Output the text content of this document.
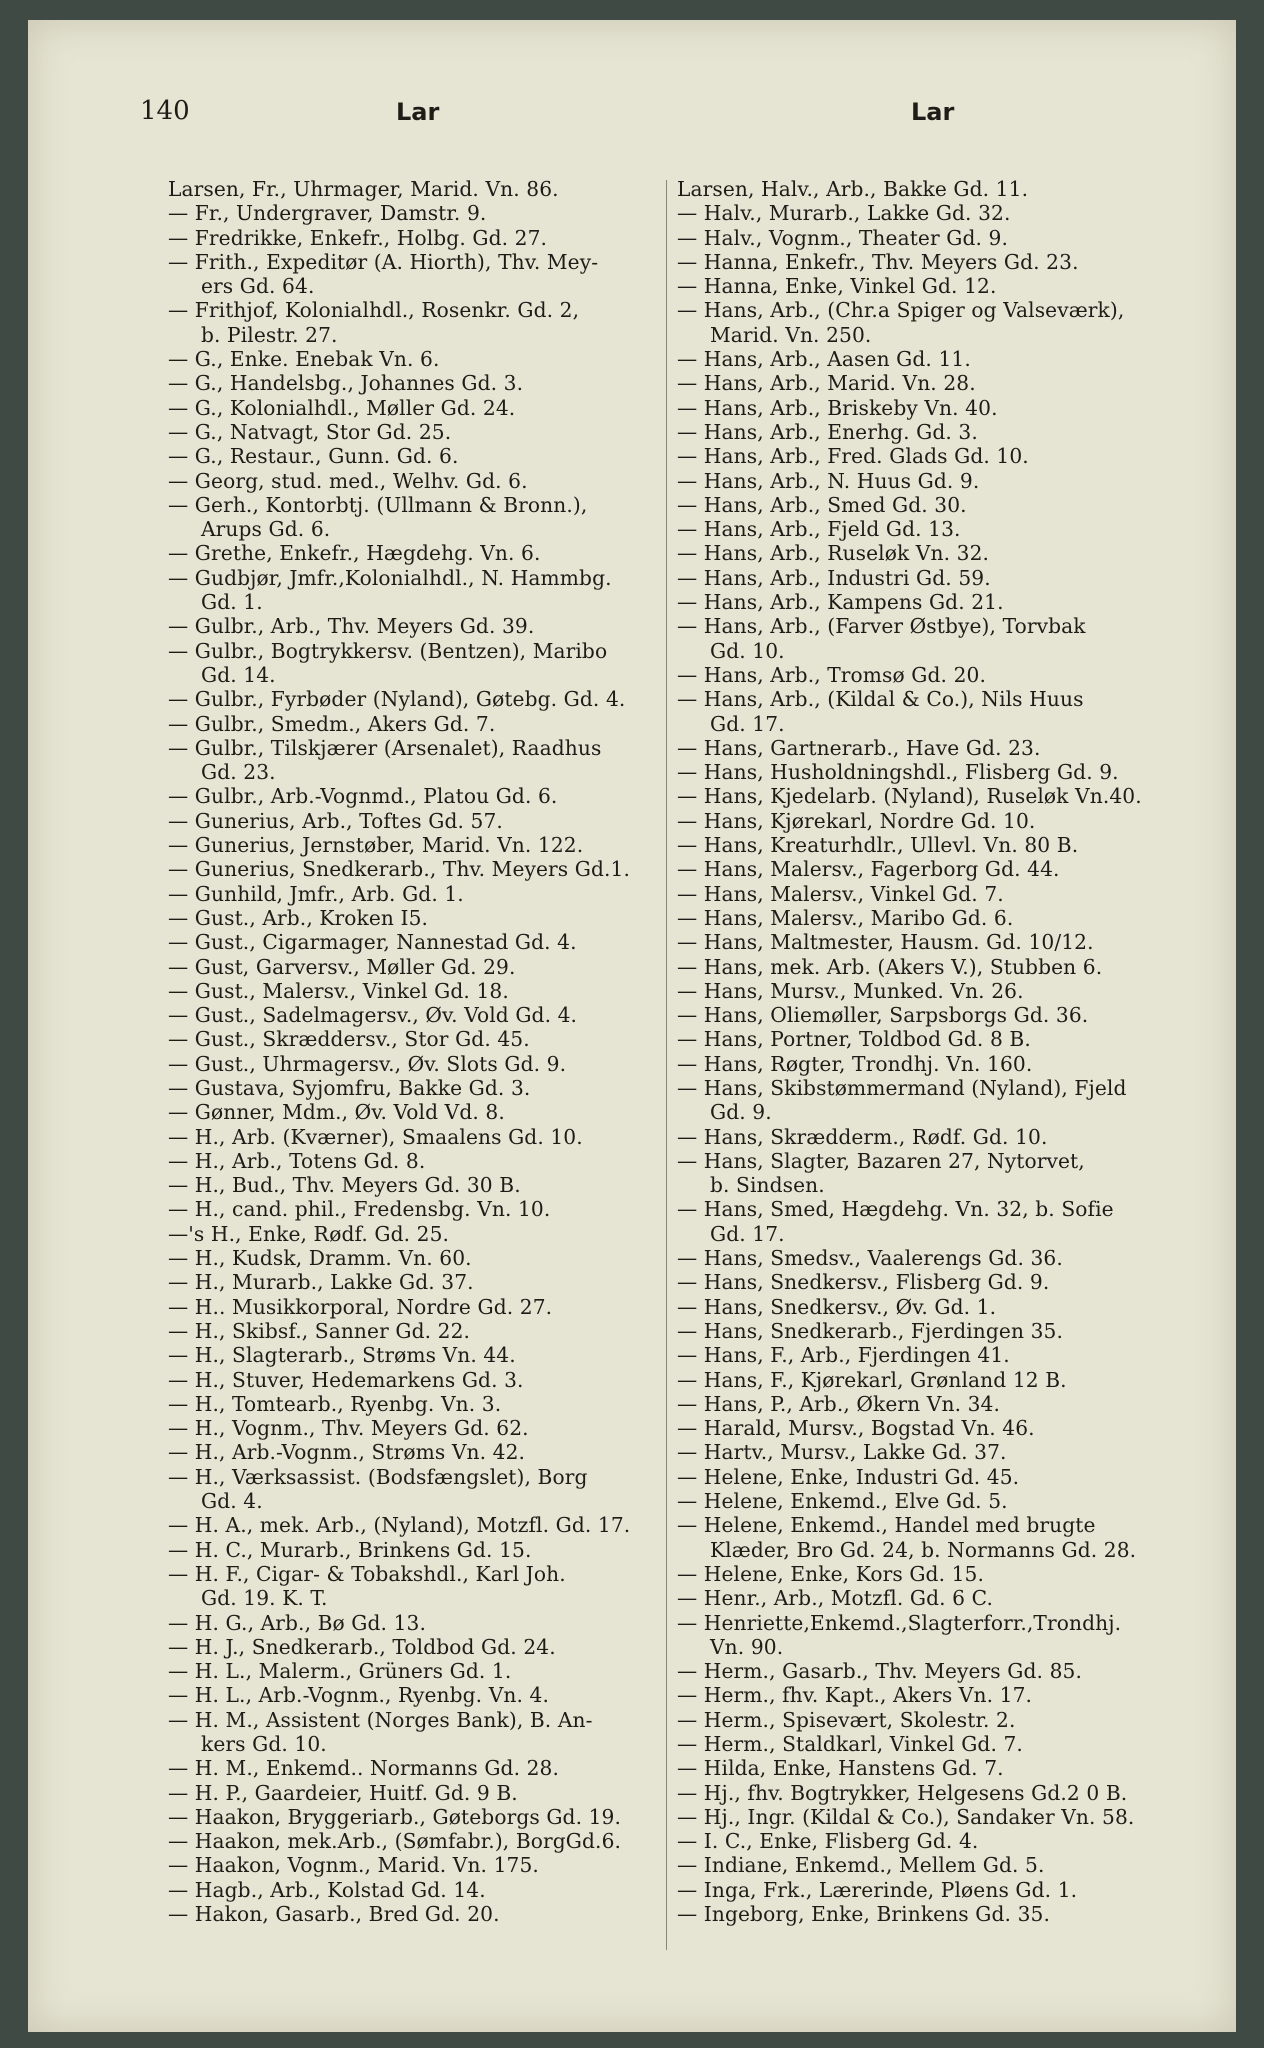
140	Lar	Lar
Larsen, Fr., Uhrmager, Marid. Vn. 86.
— Fr., Undergraver, Damstr. 9.
— Fredrikke, Enkefr., Holbg. Gd. 27.
— Frith., Expeditør (A. Hiorth), Thv. Mey-
ers Gd. 64.
— Frithjof, Kolonialhdl., Rosenkr. Gd. 2,
b. Pilestr. 27.
— G., Enke. Enebak Vn. 6.
— G., Handelsbg., Johannes Gd. 3.
— G., Kolonialhdl., Møller Gd. 24.
— G., Natvagt, Stor Gd. 25.
— G., Restaur., Gunn. Gd. 6.
— Georg, stud. med., Welhv. Gd. 6.
— Gerh., Kontorbtj. (Ullmann & Bronn.),
Arups Gd. 6.
— Grethe, Enkefr., Hægdehg. Vn. 6.
— Gudbjør, Jmfr.,Kolonialhdl., N. Hammbg.
Gd. 1.
— Gulbr., Arb., Thv. Meyers Gd. 39.
— Gulbr., Bogtrykkersv. (Bentzen), Maribo
Gd. 14.
— Gulbr., Fyrbøder (Nyland), Gøtebg. Gd. 4.
— Gulbr., Smedm., Akers Gd. 7.
— Gulbr., Tilskjærer (Arsenalet), Raadhus
Gd. 23.
— Gulbr., Arb.-Vognmd., Platou Gd. 6.
— Gunerius, Arb., Toftes Gd. 57.
— Gunerius, Jernstøber, Marid. Vn. 122.
— Gunerius, Snedkerarb., Thv. Meyers Gd.1.
— Gunhild, Jmfr., Arb. Gd. 1.
— Gust., Arb., Kroken I5.
— Gust., Cigarmager, Nannestad Gd. 4.
— Gust, Garversv., Møller Gd. 29.
— Gust., Malersv., Vinkel Gd. 18.
— Gust., Sadelmagersv., Øv. Vold Gd. 4.
— Gust., Skræddersv., Stor Gd. 45.
— Gust., Uhrmagersv., Øv. Slots Gd. 9.
— Gustava, Syjomfru, Bakke Gd. 3.
— Gønner, Mdm., Øv. Vold Vd. 8.
— H., Arb. (Kværner), Smaalens Gd. 10.
— H., Arb., Totens Gd. 8.
— H., Bud., Thv. Meyers Gd. 30 B.
— H., cand. phil., Fredensbg. Vn. 10.
—'s H., Enke, Rødf. Gd. 25.
— H., Kudsk, Dramm. Vn. 60.
— H., Murarb., Lakke Gd. 37.
— H.. Musikkorporal, Nordre Gd. 27.
— H., Skibsf., Sanner Gd. 22.
— H., Slagterarb., Strøms Vn. 44.
— H., Stuver, Hedemarkens Gd. 3.
— H., Tomtearb., Ryenbg. Vn. 3.
— H., Vognm., Thv. Meyers Gd. 62.
— H., Arb.-Vognm., Strøms Vn. 42.
— H., Værksassist. (Bodsfængslet), Borg
Gd. 4.
— H. A., mek. Arb., (Nyland), Motzfl. Gd. 17.
— H. C., Murarb., Brinkens Gd. 15.
— H. F., Cigar- & Tobakshdl., Karl Joh.
Gd. 19. K. T.
— H. G., Arb., Bø Gd. 13.
— H. J., Snedkerarb., Toldbod Gd. 24.
— H. L., Malerm., Grüners Gd. 1.
— H. L., Arb.-Vognm., Ryenbg. Vn. 4.
— H. M., Assistent (Norges Bank), B. An-
kers Gd. 10.
— H. M., Enkemd.. Normanns Gd. 28.
— H. P., Gaardeier, Huitf. Gd. 9 B.
— Haakon, Bryggeriarb., Gøteborgs Gd. 19.
— Haakon, mek.Arb., (Sømfabr.), BorgGd.6.
— Haakon, Vognm., Marid. Vn. 175.
— Hagb., Arb., Kolstad Gd. 14.
— Hakon, Gasarb., Bred Gd. 20.
Larsen, Halv., Arb., Bakke Gd. 11.
— Halv., Murarb., Lakke Gd. 32.
— Halv., Vognm., Theater Gd. 9.
— Hanna, Enkefr., Thv. Meyers Gd. 23.
— Hanna, Enke, Vinkel Gd. 12.
— Hans, Arb., (Chr.a Spiger og Valseværk),
Marid. Vn. 250.
— Hans, Arb., Aasen Gd. 11.
— Hans, Arb., Marid. Vn. 28.
— Hans, Arb., Briskeby Vn. 40.
— Hans, Arb., Enerhg. Gd. 3.
— Hans, Arb., Fred. Glads Gd. 10.
— Hans, Arb., N. Huus Gd. 9.
— Hans, Arb., Smed Gd. 30.
— Hans, Arb., Fjeld Gd. 13.
— Hans, Arb., Ruseløk Vn. 32.
— Hans, Arb., Industri Gd. 59.
— Hans, Arb., Kampens Gd. 21.
— Hans, Arb., (Farver Østbye), Torvbak
Gd. 10.
— Hans, Arb., Tromsø Gd. 20.
— Hans, Arb., (Kildal & Co.), Nils Huus
Gd. 17.
— Hans, Gartnerarb., Have Gd. 23.
— Hans, Husholdningshdl., Flisberg Gd. 9.
— Hans, Kjedelarb. (Nyland), Ruseløk Vn.40.
— Hans, Kjørekarl, Nordre Gd. 10.
— Hans, Kreaturhdlr., Ullevl. Vn. 80 B.
— Hans, Malersv., Fagerborg Gd. 44.
— Hans, Malersv., Vinkel Gd. 7.
— Hans, Malersv., Maribo Gd. 6.
— Hans, Maltmester, Hausm. Gd. 10/12.
— Hans, mek. Arb. (Akers V.), Stubben 6.
— Hans, Mursv., Munked. Vn. 26.
— Hans, Oliemøller, Sarpsborgs Gd. 36.
— Hans, Portner, Toldbod Gd. 8 B.
— Hans, Røgter, Trondhj. Vn. 160.
— Hans, Skibstømmermand (Nyland), Fjeld
Gd. 9.
— Hans, Skrædderm., Rødf. Gd. 10.
— Hans, Slagter, Bazaren 27, Nytorvet,
b. Sindsen.
— Hans, Smed, Hægdehg. Vn. 32, b. Sofie
Gd. 17.
— Hans, Smedsv., Vaalerengs Gd. 36.
— Hans, Snedkersv., Flisberg Gd. 9.
— Hans, Snedkersv., Øv. Gd. 1.
— Hans, Snedkerarb., Fjerdingen 35.
— Hans, F., Arb., Fjerdingen 41.
— Hans, F., Kjørekarl, Grønland 12 B.
— Hans, P., Arb., Økern Vn. 34.
— Harald, Mursv., Bogstad Vn. 46.
— Hartv., Mursv., Lakke Gd. 37.
— Helene, Enke, Industri Gd. 45.
— Helene, Enkemd., Elve Gd. 5.
— Helene, Enkemd., Handel med brugte
Klæder, Bro Gd. 24, b. Normanns Gd. 28.
— Helene, Enke, Kors Gd. 15.
— Henr., Arb., Motzfl. Gd. 6 C.
— Henriette,Enkemd.,Slagterforr.,Trondhj.
Vn. 90.
— Herm., Gasarb., Thv. Meyers Gd. 85.
— Herm., fhv. Kapt., Akers Vn. 17.
— Herm., Spisevært, Skolestr. 2.
— Herm., Staldkarl, Vinkel Gd. 7.
— Hilda, Enke, Hanstens Gd. 7.
— Hj., fhv. Bogtrykker, Helgesens Gd.2 0 B.
— Hj., Ingr. (Kildal & Co.), Sandaker Vn. 58.
— I. C., Enke, Flisberg Gd. 4.
— Indiane, Enkemd., Mellem Gd. 5.
— Inga, Frk., Lærerinde, Pløens Gd. 1.
— Ingeborg, Enke, Brinkens Gd. 35.
